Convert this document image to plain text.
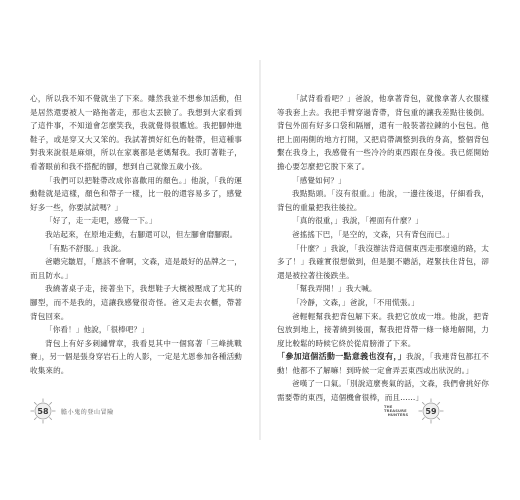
心，所以我不知不覺就坐了下來。雖然我並不想參加活動，但是居然還要被人一路拖著走，那也太丟臉了。我想到大家看到了這件事，不知道會怎麼笑我，我就覺得很尷尬。我把腳伸進鞋子，或是穿又大又笨的。我試著擠好紅色的鞋帶，但這種事對我來說很是麻煩，所以在家裏都是老媽幫我。我盯著鞋子，看著眼前和我不搭配的腳，想到自己就像五歲小孩。

「我們可以把鞋帶改成你喜歡用的顏色。」他說，「我的運動鞋就是這樣，顏色和帶子一樣，比一般的還容易多了，感覺好多一些，你要試試嗎？」

「好了，走一走吧，感覺一下。」

我站起來，在原地走動，右腳還可以，但左腳會磨腳跟。

「有點不舒服。」我說。

爸聽完皺眉，「應該不會啊，文森，這是最好的品牌之一，而且防水。」

我繞著桌子走，接著坐下，我想鞋子大概被壓成了尤其的腳型，而不是我的，這讓我感覺很奇怪。爸又走去衣櫃，帶著背包回來。

「你看！」他說，「很棒吧？」

背包上有好多刺繡臂章，我看見其中一個寫著「三峰挑戰賽」，另一個是張身穿岩石上的人影，一定是尤恩參加各種活動收集來的。

「試背看看吧？」爸說，他拿著背包，就像拿著人衣服樣等我套上去。我把手臂穿過背帶，背包重的讓我差點往後倒。背包外面有好多口袋和隔層，還有一般裝著拉鍊的小包包。他把上面兩側的地方打開，又把肩帶調整到我的身高，整個背包繫在我身上，我感覺有一些冷冷的東西跟在身後。我已經開始擔心要怎麼把它脫下來了。

「感覺如何？」

我點點頭。「沒有很重。」他說，一邊往後退，仔細看我，背包的重量把我往後拉。

「真的很重，」我說，「裡面有什麼？」

爸搖搖下巴，「是空的，文森，只有背包而已。」

「什麼？」我說，「我沒辦法背這個東西走那麼遠的路，太多了！」我確實很想做到，但是腿不聽話，趕緊扶住背包，卻還是被拉著往後跌坐。

「幫我弄開！」我大喊。

「冷靜，文森，」爸說，「不用慌張。」

爸輕輕幫我把背包解下來。我把它放成一堆。他說，把背包放到地上，接著繞到後面，幫我把背帶一條一條地解開，力度比較鬆的時候它終於從肩膀滑了下來。

「參加這個活動一點意義也沒有，」我說，「我連背包都扛不動！他都不了解嘛！到時候一定會弄丟東西或出狀況的。」

爸嘆了一口氣。「別說這麼喪氣的話，文森，我們會挑好你需要帶的東西，這個機會很棒，而且……」

58 膽小鬼的登山冒險
THE TREASURE
HUNTERS 59
